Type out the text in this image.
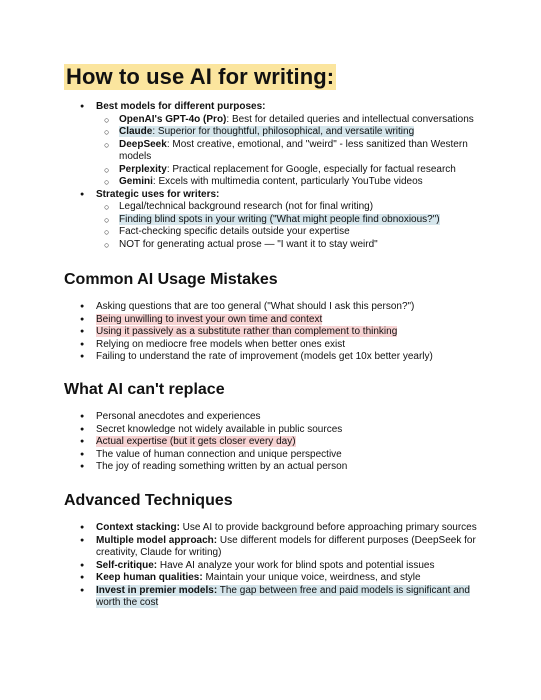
How to use AI for writing:
● Best models for different purposes:
○ OpenAI's GPT-4o (Pro): Best for detailed queries and intellectual conversations
○ Claude: Superior for thoughtful, philosophical, and versatile writing
○ DeepSeek: Most creative, emotional, and "weird" - less sanitized than Western models
○ Perplexity: Practical replacement for Google, especially for factual research
○ Gemini: Excels with multimedia content, particularly YouTube videos
● Strategic uses for writers:
○ Legal/technical background research (not for final writing)
○ Finding blind spots in your writing ("What might people find obnoxious?")
○ Fact-checking specific details outside your expertise
○ NOT for generating actual prose — "I want it to stay weird"
Common AI Usage Mistakes
● Asking questions that are too general ("What should I ask this person?")
● Being unwilling to invest your own time and context
● Using it passively as a substitute rather than complement to thinking
● Relying on mediocre free models when better ones exist
● Failing to understand the rate of improvement (models get 10x better yearly)
What AI can't replace
● Personal anecdotes and experiences
● Secret knowledge not widely available in public sources
● Actual expertise (but it gets closer every day)
● The value of human connection and unique perspective
● The joy of reading something written by an actual person
Advanced Techniques
● Context stacking: Use AI to provide background before approaching primary sources
● Multiple model approach: Use different models for different purposes (DeepSeek for creativity, Claude for writing)
● Self-critique: Have AI analyze your work for blind spots and potential issues
● Keep human qualities: Maintain your unique voice, weirdness, and style
● Invest in premier models: The gap between free and paid models is significant and worth the cost
